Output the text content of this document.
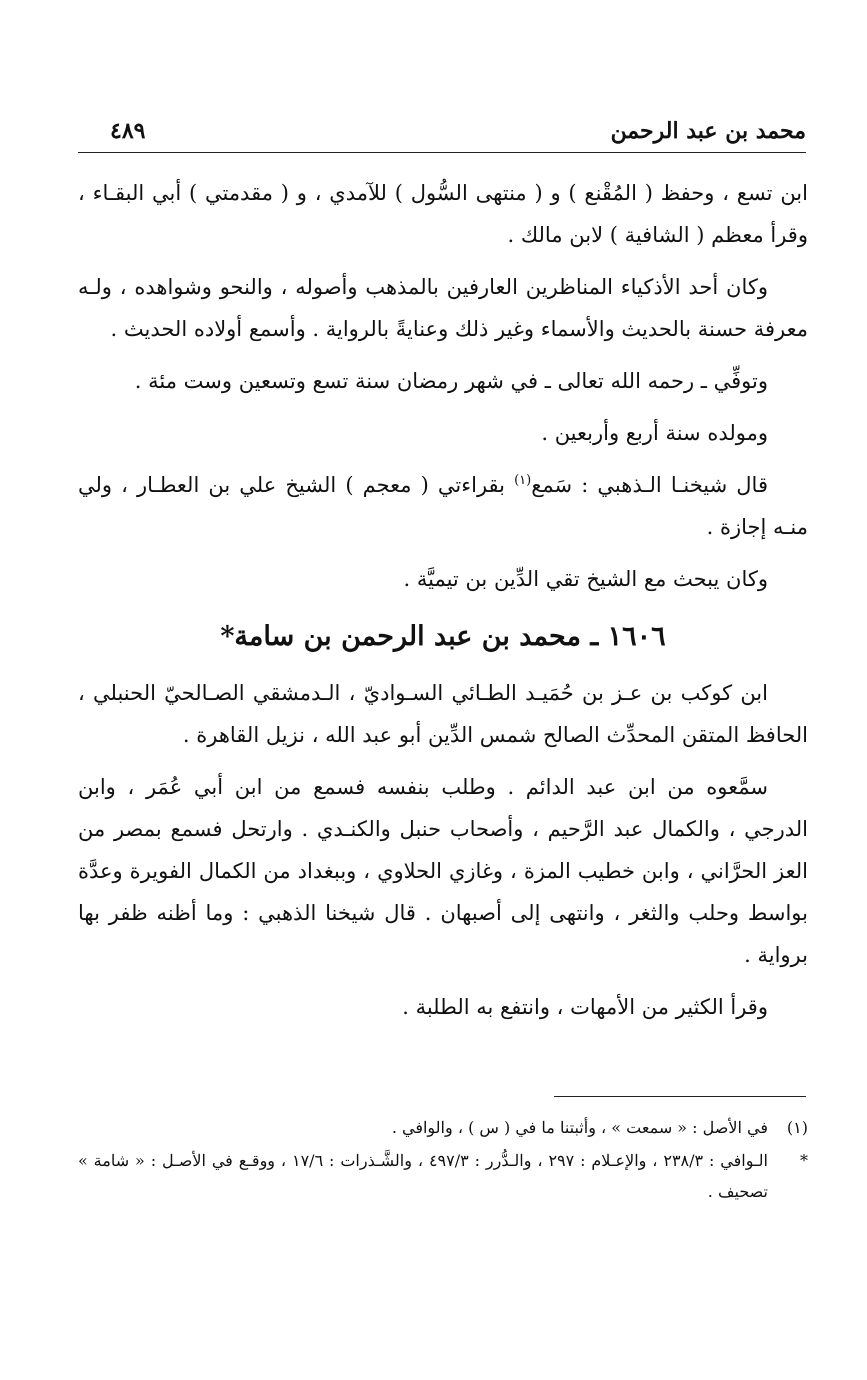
محمد بن عبد الرحمن
٤٨٩

ابن تسع ، وحفظ ( المُقْنع ) و ( منتهى السُّول ) للآمدي ، و ( مقدمتي ) أبي البقـاء ، وقرأ معظم ( الشافية ) لابن مالك .

وكان أحد الأذكياء المناظرين العارفين بالمذهب وأصوله ، والنحو وشواهده ، ولـه معرفة حسنة بالحديث والأسماء وغير ذلك وعنايةً بالرواية . وأسمع أولاده الحديث .

وتوفِّي ـ رحمه الله تعالى ـ في شهر رمضان سنة تسع وتسعين وست مئة .

ومولده سنة أربع وأربعين .

قال شيخنـا الـذهبي : سَمع$^{(١)}$ بقراءتي ( معجم ) الشيخ علي بن العطـار ، ولي منـه إجازة .

وكان يبحث مع الشيخ تقي الدِّين بن تيميَّة .

١٦٠٦ ـ محمد بن عبد الرحمن بن سامة*

ابن كوكب بن عـز بن حُمَيـد الطـائي السـواديّ ، الـدمشقي الصـالحيّ الحنبلي ، الحافظ المتقن المحدِّث الصالح شمس الدِّين أبو عبد الله ، نزيل القاهرة .

سمَّعوه من ابن عبد الدائم . وطلب بنفسه فسمع من ابن أبي عُمَر ، وابن الدرجي ، والكمال عبد الرَّحيم ، وأصحاب حنبل والكنـدي . وارتحل فسمع بمصر من العز الحرَّاني ، وابن خطيب المزة ، وغازي الحلاوي ، وببغداد من الكمال الفويرة وعدَّة بواسط وحلب والثغر ، وانتهى إلى أصبهان . قال شيخنا الذهبي : وما أظنه ظفر بها برواية .

وقرأ الكثير من الأمهات ، وانتفع به الطلبة .

(١)
في الأصل : « سمعت » ، وأثبتنا ما في ( س ) ، والوافي .
*
الـوافي : ٢٣٨/٣ ، والإعـلام : ٢٩٧ ، والـدُّرر : ٤٩٧/٣ ، والشَّـذرات : ١٧/٦ ، ووقـع في الأصـل : « شامة » تصحيف .
